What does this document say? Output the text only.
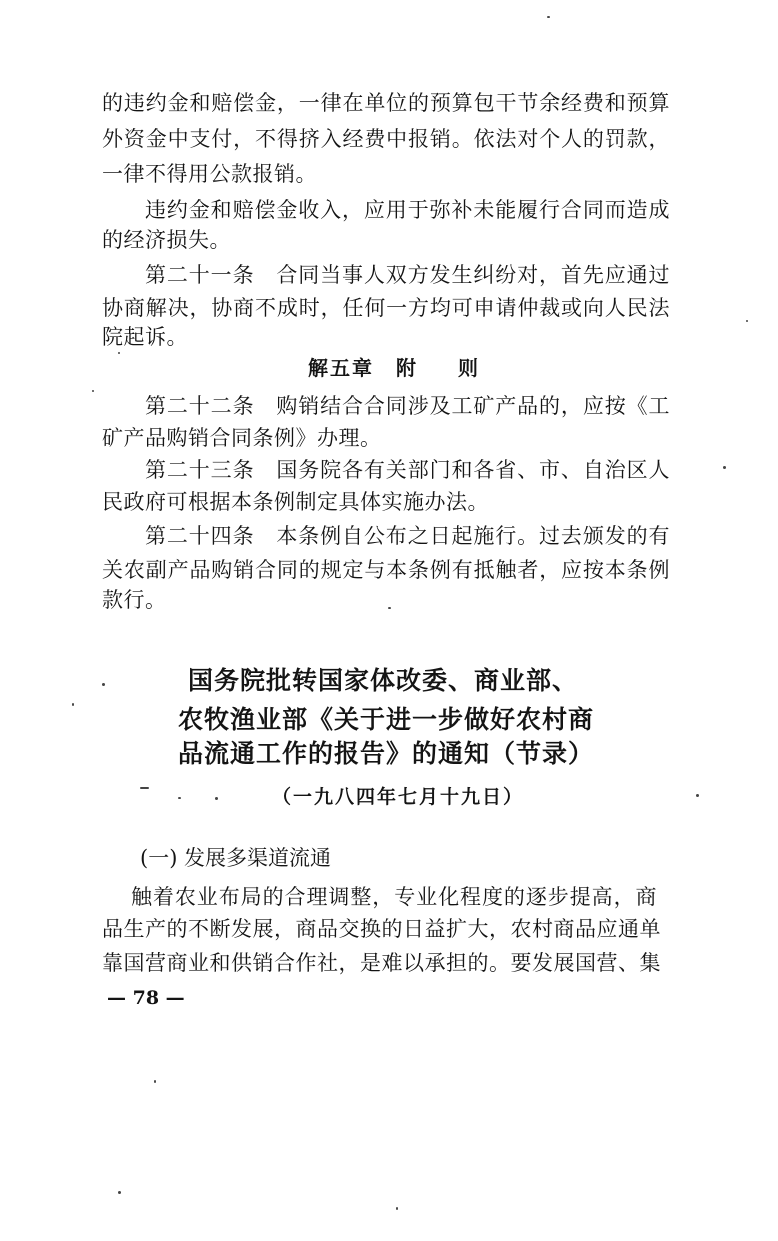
的违约金和赔偿金，一律在单位的预算包干节余经费和预算
外资金中支付，不得挤入经费中报销。依法对个人的罚款，
一律不得用公款报销。
违约金和赔偿金收入，应用于弥补未能履行合同而造成
的经济损失。
第二十一条　合同当事人双方发生纠纷对，首先应通过
协商解决，协商不成时，任何一方均可申请仲裁或向人民法
院起诉。
解五章 附 则
第二十二条　购销结合合同涉及工矿产品的，应按《工
矿产品购销合同条例》办理。
第二十三条　国务院各有关部门和各省、市、自治区人
民政府可根据本条例制定具体实施办法。
第二十四条　本条例自公布之日起施行。过去颁发的有
关农副产品购销合同的规定与本条例有抵触者，应按本条例
款行。
国务院批转国家体改委、商业部、
农牧渔业部《关于进一步做好农村商
品流通工作的报告》的通知（节录）
（一九八四年七月十九日）
(一) 发展多渠道流通
触着农业布局的合理调整，专业化程度的逐步提高，商
品生产的不断发展，商品交换的日益扩大，农村商品应通单
靠国营商业和供销合作社，是难以承担的。要发展国营、集
— 78 —
